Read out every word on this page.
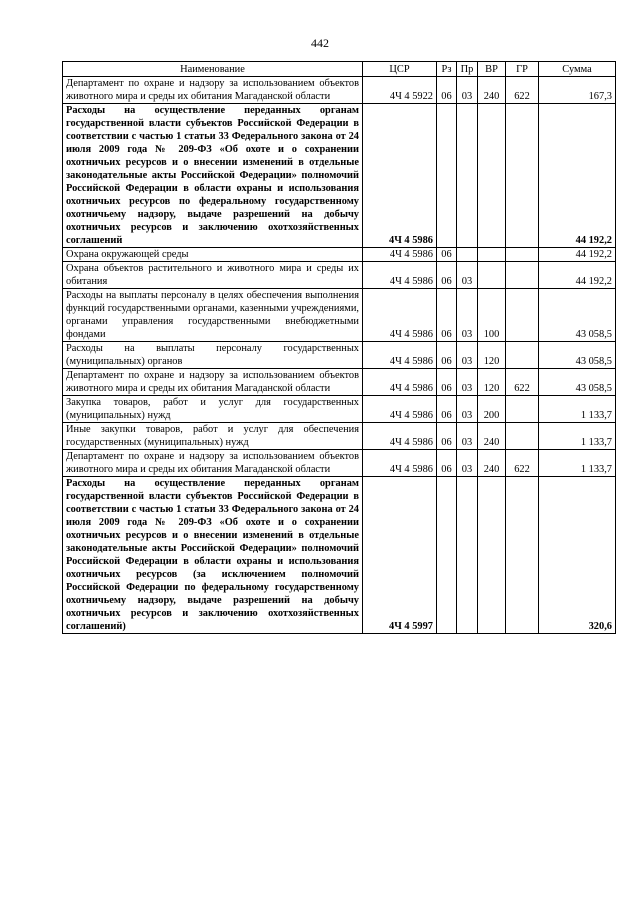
442
Наименование	ЦСР	Рз	Пр	ВР	ГР	Сумма
Департамент по охране и надзору за использованием объектов животного мира и среды их обитания Магаданской области	4Ч 4 5922	06	03	240	622	167,3
Расходы на осуществление переданных органам государственной власти субъектов Российской Федерации в соответствии с частью 1 статьи 33 Федерального закона от 24 июля 2009 года № 209-ФЗ «Об охоте и о сохранении охотничьих ресурсов и о внесении изменений в отдельные законодательные акты Российской Федерации» полномочий Российской Федерации в области охраны и использования охотничьих ресурсов по федеральному государственному охотничьему надзору, выдаче разрешений на добычу охотничьих ресурсов и заключению охотхозяйственных соглашений	4Ч 4 5986					44 192,2
Охрана окружающей среды	4Ч 4 5986	06				44 192,2
Охрана объектов растительного и животного мира и среды их обитания	4Ч 4 5986	06	03			44 192,2
Расходы на выплаты персоналу в целях обеспечения выполнения функций государственными органами, казенными учреждениями, органами управления государственными внебюджетными фондами	4Ч 4 5986	06	03	100		43 058,5
Расходы на выплаты персоналу государственных (муниципальных) органов	4Ч 4 5986	06	03	120		43 058,5
Департамент по охране и надзору за использованием объектов животного мира и среды их обитания Магаданской области	4Ч 4 5986	06	03	120	622	43 058,5
Закупка товаров, работ и услуг для государственных (муниципальных) нужд	4Ч 4 5986	06	03	200		1 133,7
Иные закупки товаров, работ и услуг для обеспечения государственных (муниципальных) нужд	4Ч 4 5986	06	03	240		1 133,7
Департамент по охране и надзору за использованием объектов животного мира и среды их обитания Магаданской области	4Ч 4 5986	06	03	240	622	1 133,7
Расходы на осуществление переданных органам государственной власти субъектов Российской Федерации в соответствии с частью 1 статьи 33 Федерального закона от 24 июля 2009 года № 209-ФЗ «Об охоте и о сохранении охотничьих ресурсов и о внесении изменений в отдельные законодательные акты Российской Федерации» полномочий Российской Федерации в области охраны и использования охотничьих ресурсов (за исключением полномочий Российской Федерации по федеральному государственному охотничьему надзору, выдаче разрешений на добычу охотничьих ресурсов и заключению охотхозяйственных соглашений)	4Ч 4 5997					320,6
